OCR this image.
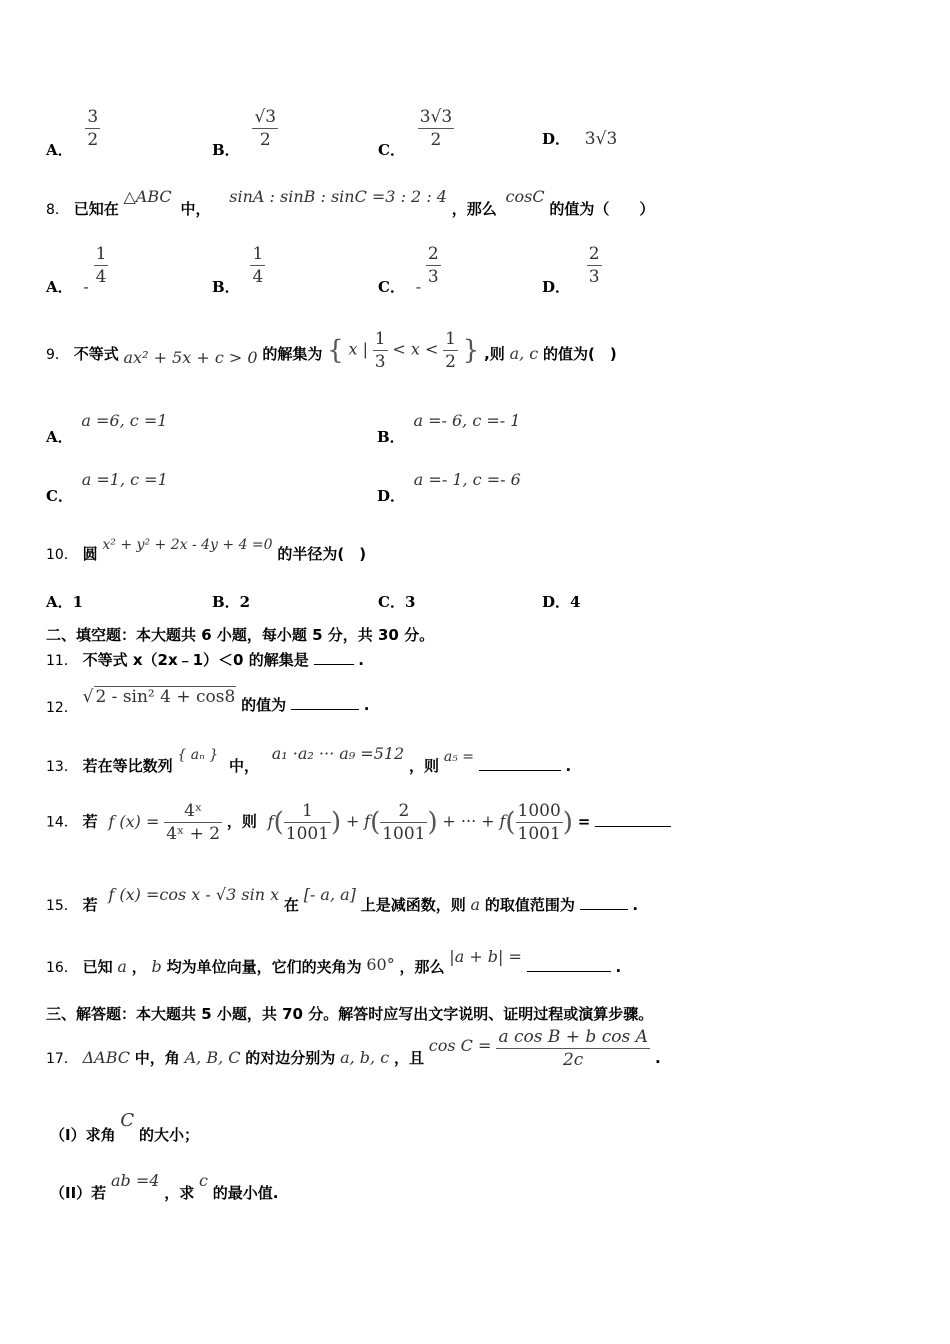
A． $\frac{3}{2}$	B． $\frac{√3}{2}$	C． $\frac{3√3}{2}$	D． 3√3
8． 已知在 △ABC 中， sinA : sinB : sinC =3 : 2 : 4 ，那么 cosC 的值为（　　）
A． - $\frac{1}{4}$	B． $\frac{1}{4}$	C． - $\frac{2}{3}$	D． $\frac{2}{3}$
9． 不等式 ax² + 5x + c > 0 的解集为 { x | $\frac{1}{3} < x < \frac{1}{2}$ } ,则 a, c 的值为(　)
A． a =6, c =1
B． a =- 6, c =- 1
C． a =1, c =1
D． a =- 1, c =- 6
10． 圆 x² + y² + 2x - 4y + 4 =0 的半径为(　)
A．1	B．2	C．3	D．4
二、填空题：本大题共 6 小题，每小题 5 分，共 30 分。
11． 不等式 x（2x﹣1）＜0 的解集是	.
12． √ 2 - sin² 4 + cos8 的值为	.
13． 若在等比数列 { aₙ } 中， a₁ ·a₂ ··· a₉ =512 ，则 a₅ =	.
14． 若 f $(x) = \frac{\text{4ˣ}}{\text{4ˣ + 2}}$ ，则 $f( \frac{1}{1001}$ ) + $f( \frac{2}{1001}$ ) + ··· + $f( \frac{1000}{1001}$ ) =
15． 若 f (x) =cos x - √3 sin x 在 [- a, a] 上是减函数，则 a 的取值范围为	.
16． 已知 a ， b 均为单位向量，它们的夹角为 60° ，那么 |a + b| =  .
三、解答题：本大题共 5 小题，共 70 分。解答时应写出文字说明、证明过程或演算步骤。
17． ΔABC 中，角 A, B, C 的对边分别为 a, b, c ，且 $\cos C = \frac{\text{a cos B + b cos A}}{2c}$ .
（I）求角 C 的大小；
（II）若 ab =4 ，求 c 的最小值.
